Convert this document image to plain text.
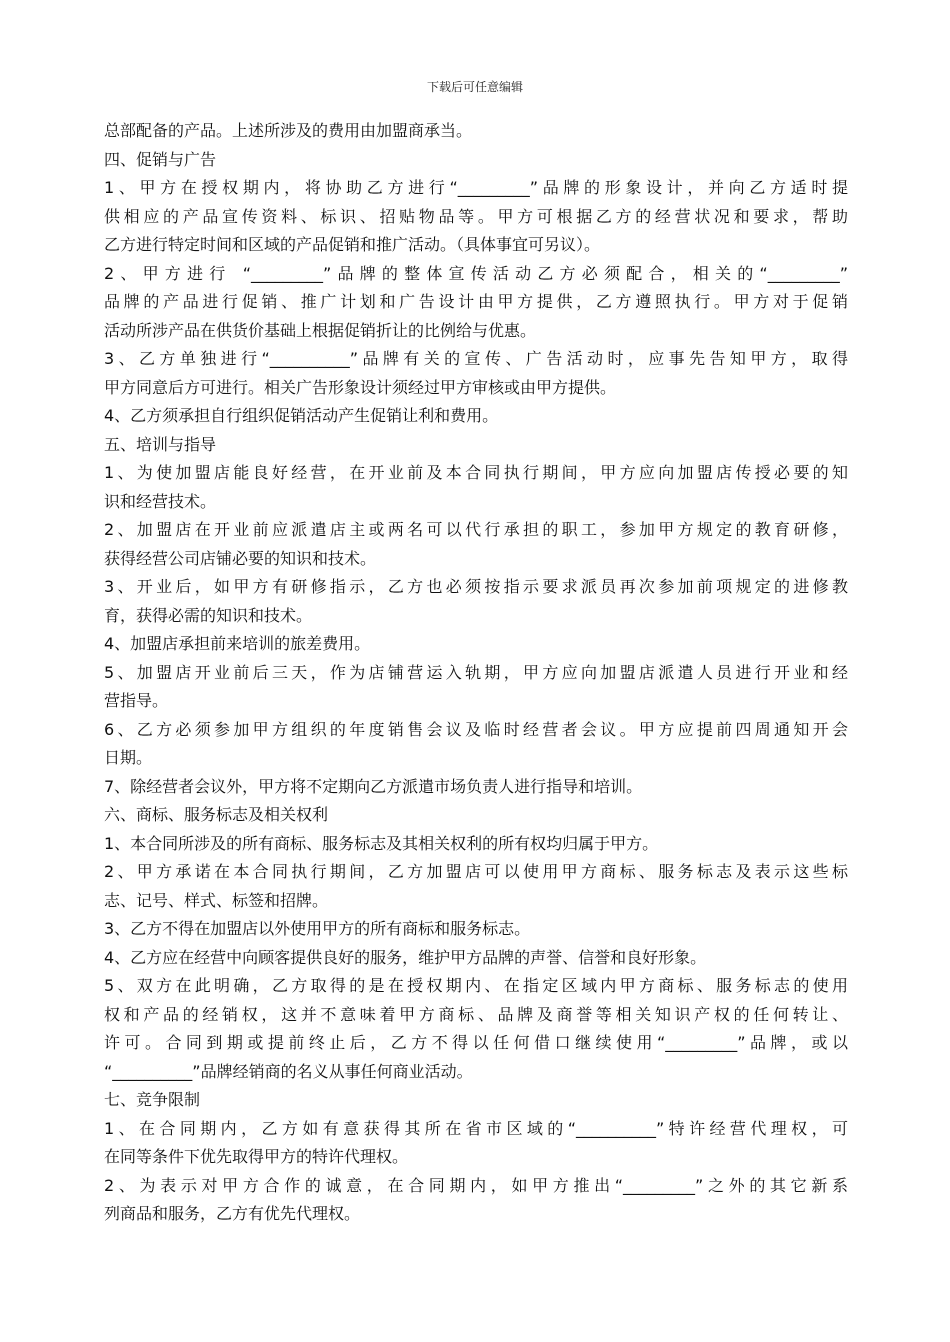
下载后可任意编辑
总部配备的产品。上述所涉及的费用由加盟商承当。
四、促销与广告
1、甲方在授权期内，将协助乙方进行“_________”品牌的形象设计，并向乙方适时提
供相应的产品宣传资料、标识、招贴物品等。甲方可根据乙方的经营状况和要求，帮助
乙方进行特定时间和区域的产品促销和推广活动。（具体事宜可另议）。
2、甲方进行 “_________”品牌的整体宣传活动乙方必须配合，相关的“_________”
品牌的产品进行促销、推广计划和广告设计由甲方提供，乙方遵照执行。甲方对于促销
活动所涉产品在供货价基础上根据促销折让的比例给与优惠。
3、乙方单独进行“__________”品牌有关的宣传、广告活动时，应事先告知甲方，取得
甲方同意后方可进行。相关广告形象设计须经过甲方审核或由甲方提供。
4、乙方须承担自行组织促销活动产生促销让利和费用。
五、培训与指导
1、为使加盟店能良好经营，在开业前及本合同执行期间，甲方应向加盟店传授必要的知
识和经营技术。
2、加盟店在开业前应派遣店主或两名可以代行承担的职工，参加甲方规定的教育研修，
获得经营公司店铺必要的知识和技术。
3、开业后，如甲方有研修指示，乙方也必须按指示要求派员再次参加前项规定的进修教
育，获得必需的知识和技术。
4、加盟店承担前来培训的旅差费用。
5、加盟店开业前后三天，作为店铺营运入轨期，甲方应向加盟店派遣人员进行开业和经
营指导。
6、乙方必须参加甲方组织的年度销售会议及临时经营者会议。甲方应提前四周通知开会
日期。
7、除经营者会议外，甲方将不定期向乙方派遣市场负责人进行指导和培训。
六、商标、服务标志及相关权利
1、本合同所涉及的所有商标、服务标志及其相关权利的所有权均归属于甲方。
2、甲方承诺在本合同执行期间，乙方加盟店可以使用甲方商标、服务标志及表示这些标
志、记号、样式、标签和招牌。
3、乙方不得在加盟店以外使用甲方的所有商标和服务标志。
4、乙方应在经营中向顾客提供良好的服务，维护甲方品牌的声誉、信誉和良好形象。
5、双方在此明确，乙方取得的是在授权期内、在指定区域内甲方商标、服务标志的使用
权和产品的经销权，这并不意味着甲方商标、品牌及商誉等相关知识产权的任何转让、
许可。合同到期或提前终止后，乙方不得以任何借口继续使用“_________”品牌，或以
“__________”品牌经销商的名义从事任何商业活动。
七、竞争限制
1、在合同期内，乙方如有意获得其所在省市区域的“__________”特许经营代理权，可
在同等条件下优先取得甲方的特许代理权。
2、为表示对甲方合作的诚意，在合同期内，如甲方推出“_________”之外的其它新系
列商品和服务，乙方有优先代理权。
